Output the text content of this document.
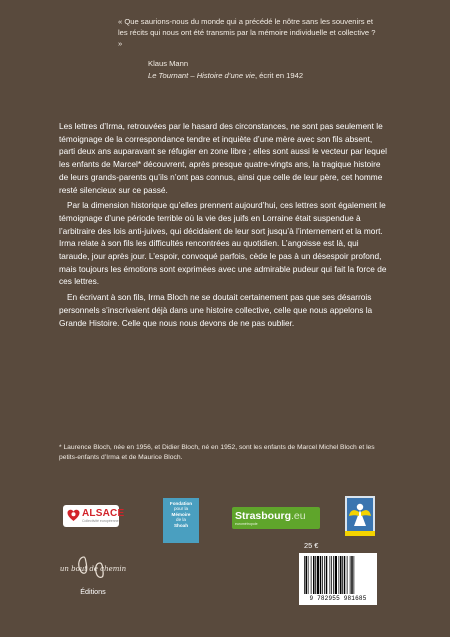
« Que saurions-nous du monde qui a précédé le nôtre sans les souvenirs et les récits qui nous ont été transmis par la mémoire individuelle et collective ? »

Klaus Mann

Le Tournant – Histoire d’une vie, écrit en 1942

Les lettres d’Irma, retrouvées par le hasard des circonstances, ne sont pas seulement le témoignage de la correspondance tendre et inquiète d’une mère avec son fils absent, parti deux ans auparavant se réfugier en zone libre ; elles sont aussi le vecteur par lequel les enfants de Marcel* découvrent, après presque quatre-vingts ans, la tragique histoire de leurs grands-parents qu’ils n’ont pas connus, ainsi que celle de leur père, cet homme resté silencieux sur ce passé.

Par la dimension historique qu’elles prennent aujourd’hui, ces lettres sont également le témoignage d’une période terrible où la vie des juifs en Lorraine était suspendue à l’arbitraire des lois anti-juives, qui décidaient de leur sort jusqu’à l’internement et la mort. Irma relate à son fils les difficultés rencontrées au quotidien. L’angoisse est là, qui taraude, jour après jour. L’espoir, convoqué parfois, cède le pas à un désespoir profond, mais toujours les émotions sont exprimées avec une admirable pudeur qui fait la force de ces lettres.

En écrivant à son fils, Irma Bloch ne se doutait certainement pas que ses désarrois personnels s’inscrivaient déjà dans une histoire collective, celle que nous appelons la Grande Histoire. Celle que nous nous devons de ne pas oublier.

* Laurence Bloch, née en 1956, et Didier Bloch, né en 1952, sont les enfants de Marcel Michel Bloch et les petits-enfants d’Irma et de Maurice Bloch.
ALSACE
Collectivité européenne
Fondation
pour la
Mémoire
de la
Shoah
Strasbourg.eu
eurométropole
un bout de chemin
Éditions
25 €
9 782955 981685
